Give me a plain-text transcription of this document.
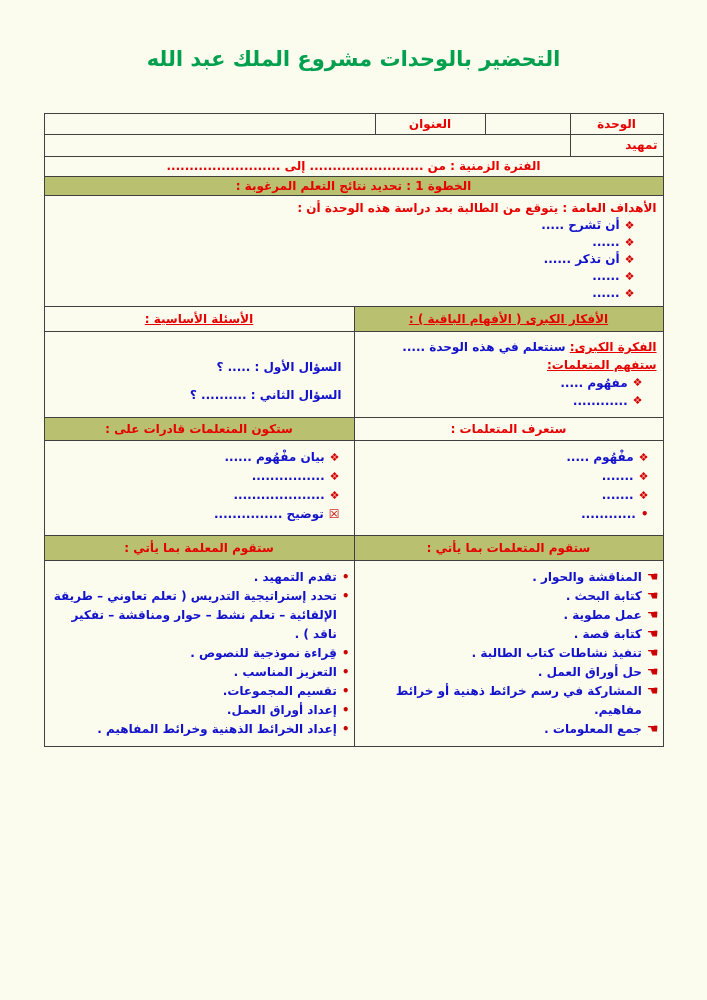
التحضير بالوحدات مشروع الملك عبد الله
الوحدة
العنوان
تمهيد
الفترة الزمنية : من ......................... إلى .........................
الخطوة 1 : تحديد نتائج التعلم المرغوبة :
الأهداف العامة : يتوقع من الطالبة بعد دراسة هذه الوحدة أن :
❖
أن تَشرح .....
❖
......
❖
أن تذكر ......
❖
......
❖
......
الأفكار الكبرى ( الأفهام الباقية ) :
الأسئلة الأساسية :
الفكرة الكبرى: سنتعلم في هذه الوحدة .....
ستفهم المتعلمات:
❖
مفهُوم .....
❖
............
السؤال الأول : ..... ؟
السؤال الثاني : .......... ؟
ستعرف المتعلمات :
ستكون المتعلمات قادرات على :
❖
مفْهُوم .....
❖
.......
❖
.......
•
............
❖
بيان مفْهُوم ......
❖
................
❖
....................
☒
توضيح ...............
ستقوم المتعلمات بما يأتي :
ستقوم المعلمة بما يأتي :
☚
المناقشة والحوار .
☚
كتابة البحث .
☚
عمل مطوية .
☚
كتابة قصة .
☚
تنفيذ نشاطات كتاب الطالبة .
☚
حل أوراق العمل .
☚
المشاركة في رسم خرائط ذهنية أو خرائط مفاهيم.
☚
جمع المعلومات .
•
تقدم التمهيد .
•
تحدد إستراتيجية التدريس ( تعلم تعاوني – طريقة الإلقائية – تعلم نشط – حوار ومناقشة – تفكير ناقد ) .
•
قِراءة نموذجية للنصوص .
•
التعزيز المناسب .
•
تقسيم المجموعات.
•
إعداد أوراق العمل.
•
إعداد الخرائط الذهنية وخرائط المفاهيم .
